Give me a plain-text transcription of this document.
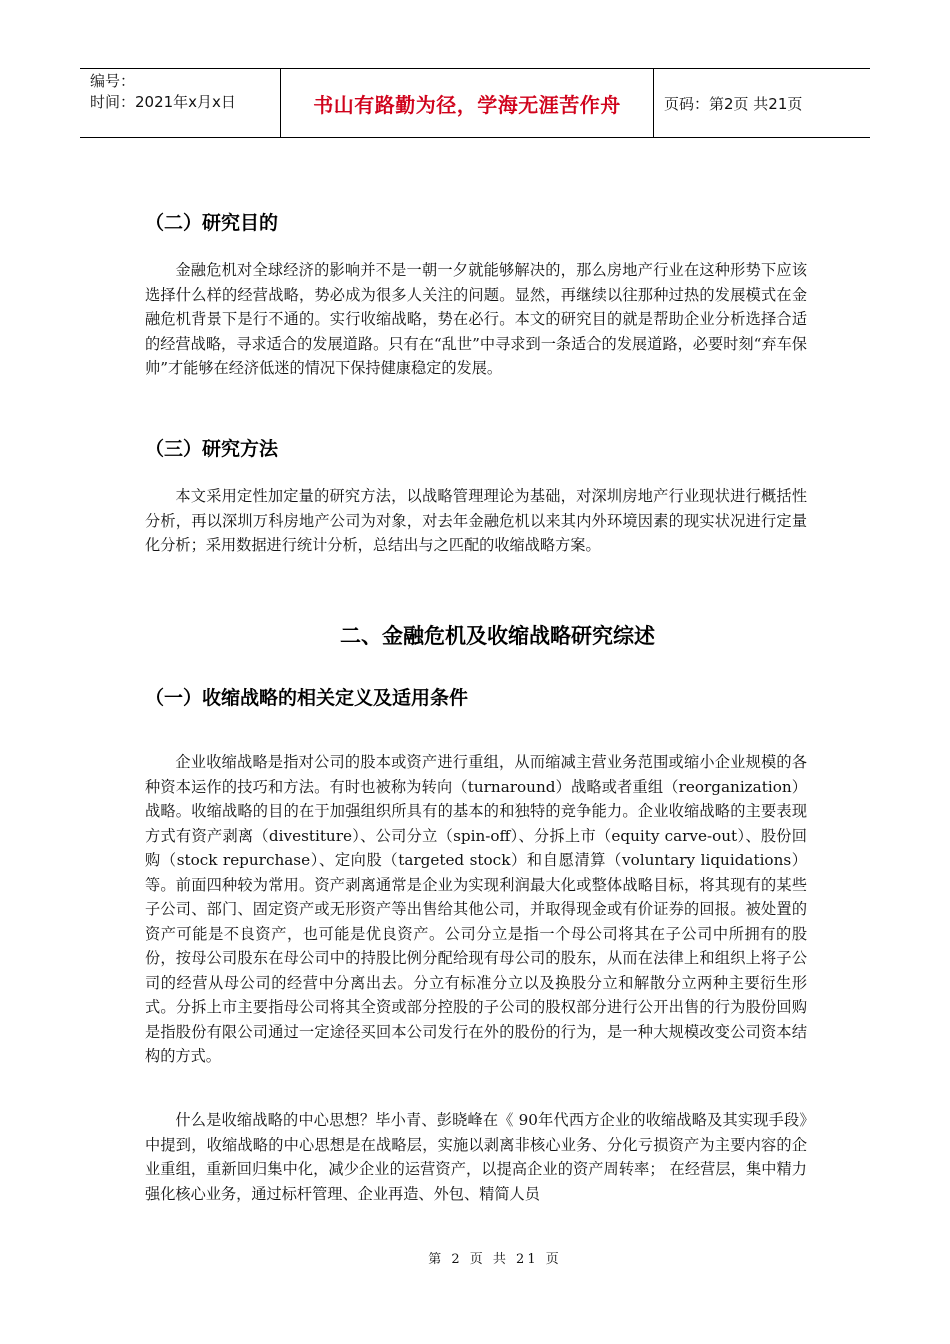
编号：
时间：2021年x月x日	书山有路勤为径，学海无涯苦作舟	页码：第2页 共21页
（二）研究目的

金融危机对全球经济的影响并不是一朝一夕就能够解决的，那么房地产行业在这种形势下应该选择什么样的经营战略，势必成为很多人关注的问题。显然，再继续以往那种过热的发展模式在金融危机背景下是行不通的。实行收缩战略，势在必行。本文的研究目的就是帮助企业分析选择合适的经营战略，寻求适合的发展道路。只有在“乱世”中寻求到一条适合的发展道路，必要时刻“弃车保帅”才能够在经济低迷的情况下保持健康稳定的发展。

（三）研究方法

本文采用定性加定量的研究方法，以战略管理理论为基础，对深圳房地产行业现状进行概括性分析，再以深圳万科房地产公司为对象，对去年金融危机以来其内外环境因素的现实状况进行定量化分析；采用数据进行统计分析，总结出与之匹配的收缩战略方案。

二、金融危机及收缩战略研究综述
（一）收缩战略的相关定义及适用条件

企业收缩战略是指对公司的股本或资产进行重组，从而缩减主营业务范围或缩小企业规模的各种资本运作的技巧和方法。有时也被称为转向（turnaround）战略或者重组（reorganization）战略。收缩战略的目的在于加强组织所具有的基本的和独特的竞争能力。企业收缩战略的主要表现方式有资产剥离（divestiture）、公司分立（spin-off）、分拆上市（equity carve-out）、股份回购（stock repurchase）、定向股（targeted stock）和自愿清算（voluntary liquidations）等。前面四种较为常用。资产剥离通常是企业为实现利润最大化或整体战略目标，将其现有的某些子公司、部门、固定资产或无形资产等出售给其他公司，并取得现金或有价证券的回报。被处置的资产可能是不良资产，也可能是优良资产。公司分立是指一个母公司将其在子公司中所拥有的股份，按母公司股东在母公司中的持股比例分配给现有母公司的股东，从而在法律上和组织上将子公司的经营从母公司的经营中分离出去。分立有标准分立以及换股分立和解散分立两种主要衍生形式。分拆上市主要指母公司将其全资或部分控股的子公司的股权部分进行公开出售的行为股份回购是指股份有限公司通过一定途径买回本公司发行在外的股份的行为，是一种大规模改变公司资本结构的方式。

什么是收缩战略的中心思想？毕小青、彭晓峰在《 90年代西方企业的收缩战略及其实现手段》中提到，收缩战略的中心思想是在战略层，实施以剥离非核心业务、分化亏损资产为主要内容的企业重组，重新回归集中化，减少企业的运营资产，以提高企业的资产周转率； 在经营层，集中精力强化核心业务，通过标杆管理、企业再造、外包、精简人员

第 2 页 共 21 页
